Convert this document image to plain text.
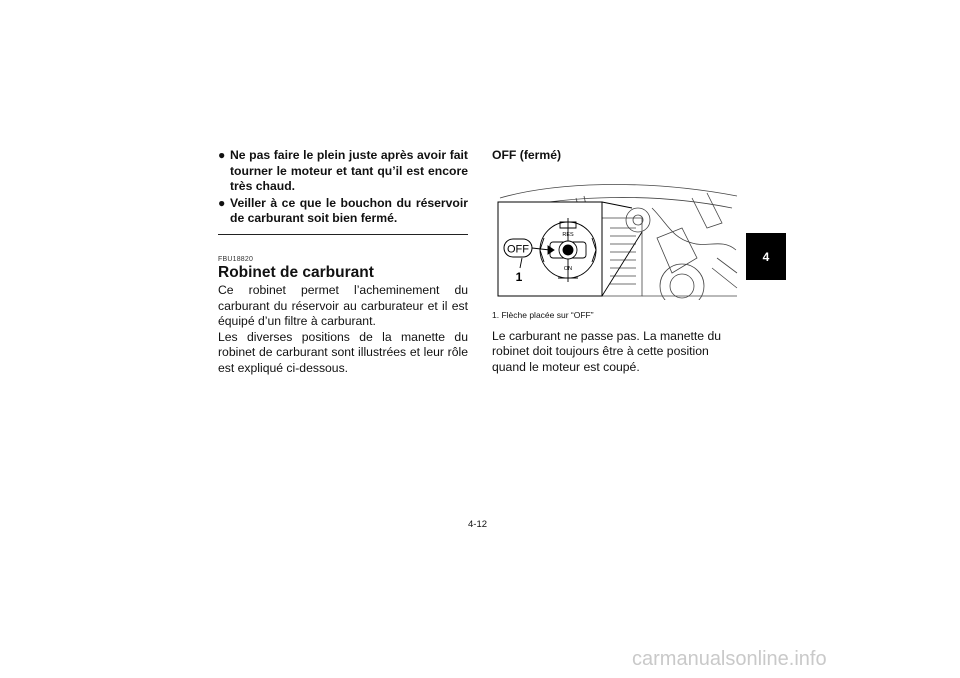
● Ne pas faire le plein juste après avoir fait tourner le moteur et tant qu’il est encore très chaud.
● Veiller à ce que le bouchon du réservoir de carburant soit bien fermé.
FBU18820
Robinet de carburant

Ce robinet permet l’acheminement du carburant du réservoir au carburateur et il est équipé d’un filtre à carburant.

Les diverses positions de la manette du robinet de carburant sont illustrées et leur rôle est expliqué ci-dessous.

OFF (fermé)
RES
ON
OFF
1
1. Flèche placée sur “OFF”

Le carburant ne passe pas. La manette du robinet doit toujours être à cette position quand le moteur est coupé.

4-12
4
carmanualsonline.info
